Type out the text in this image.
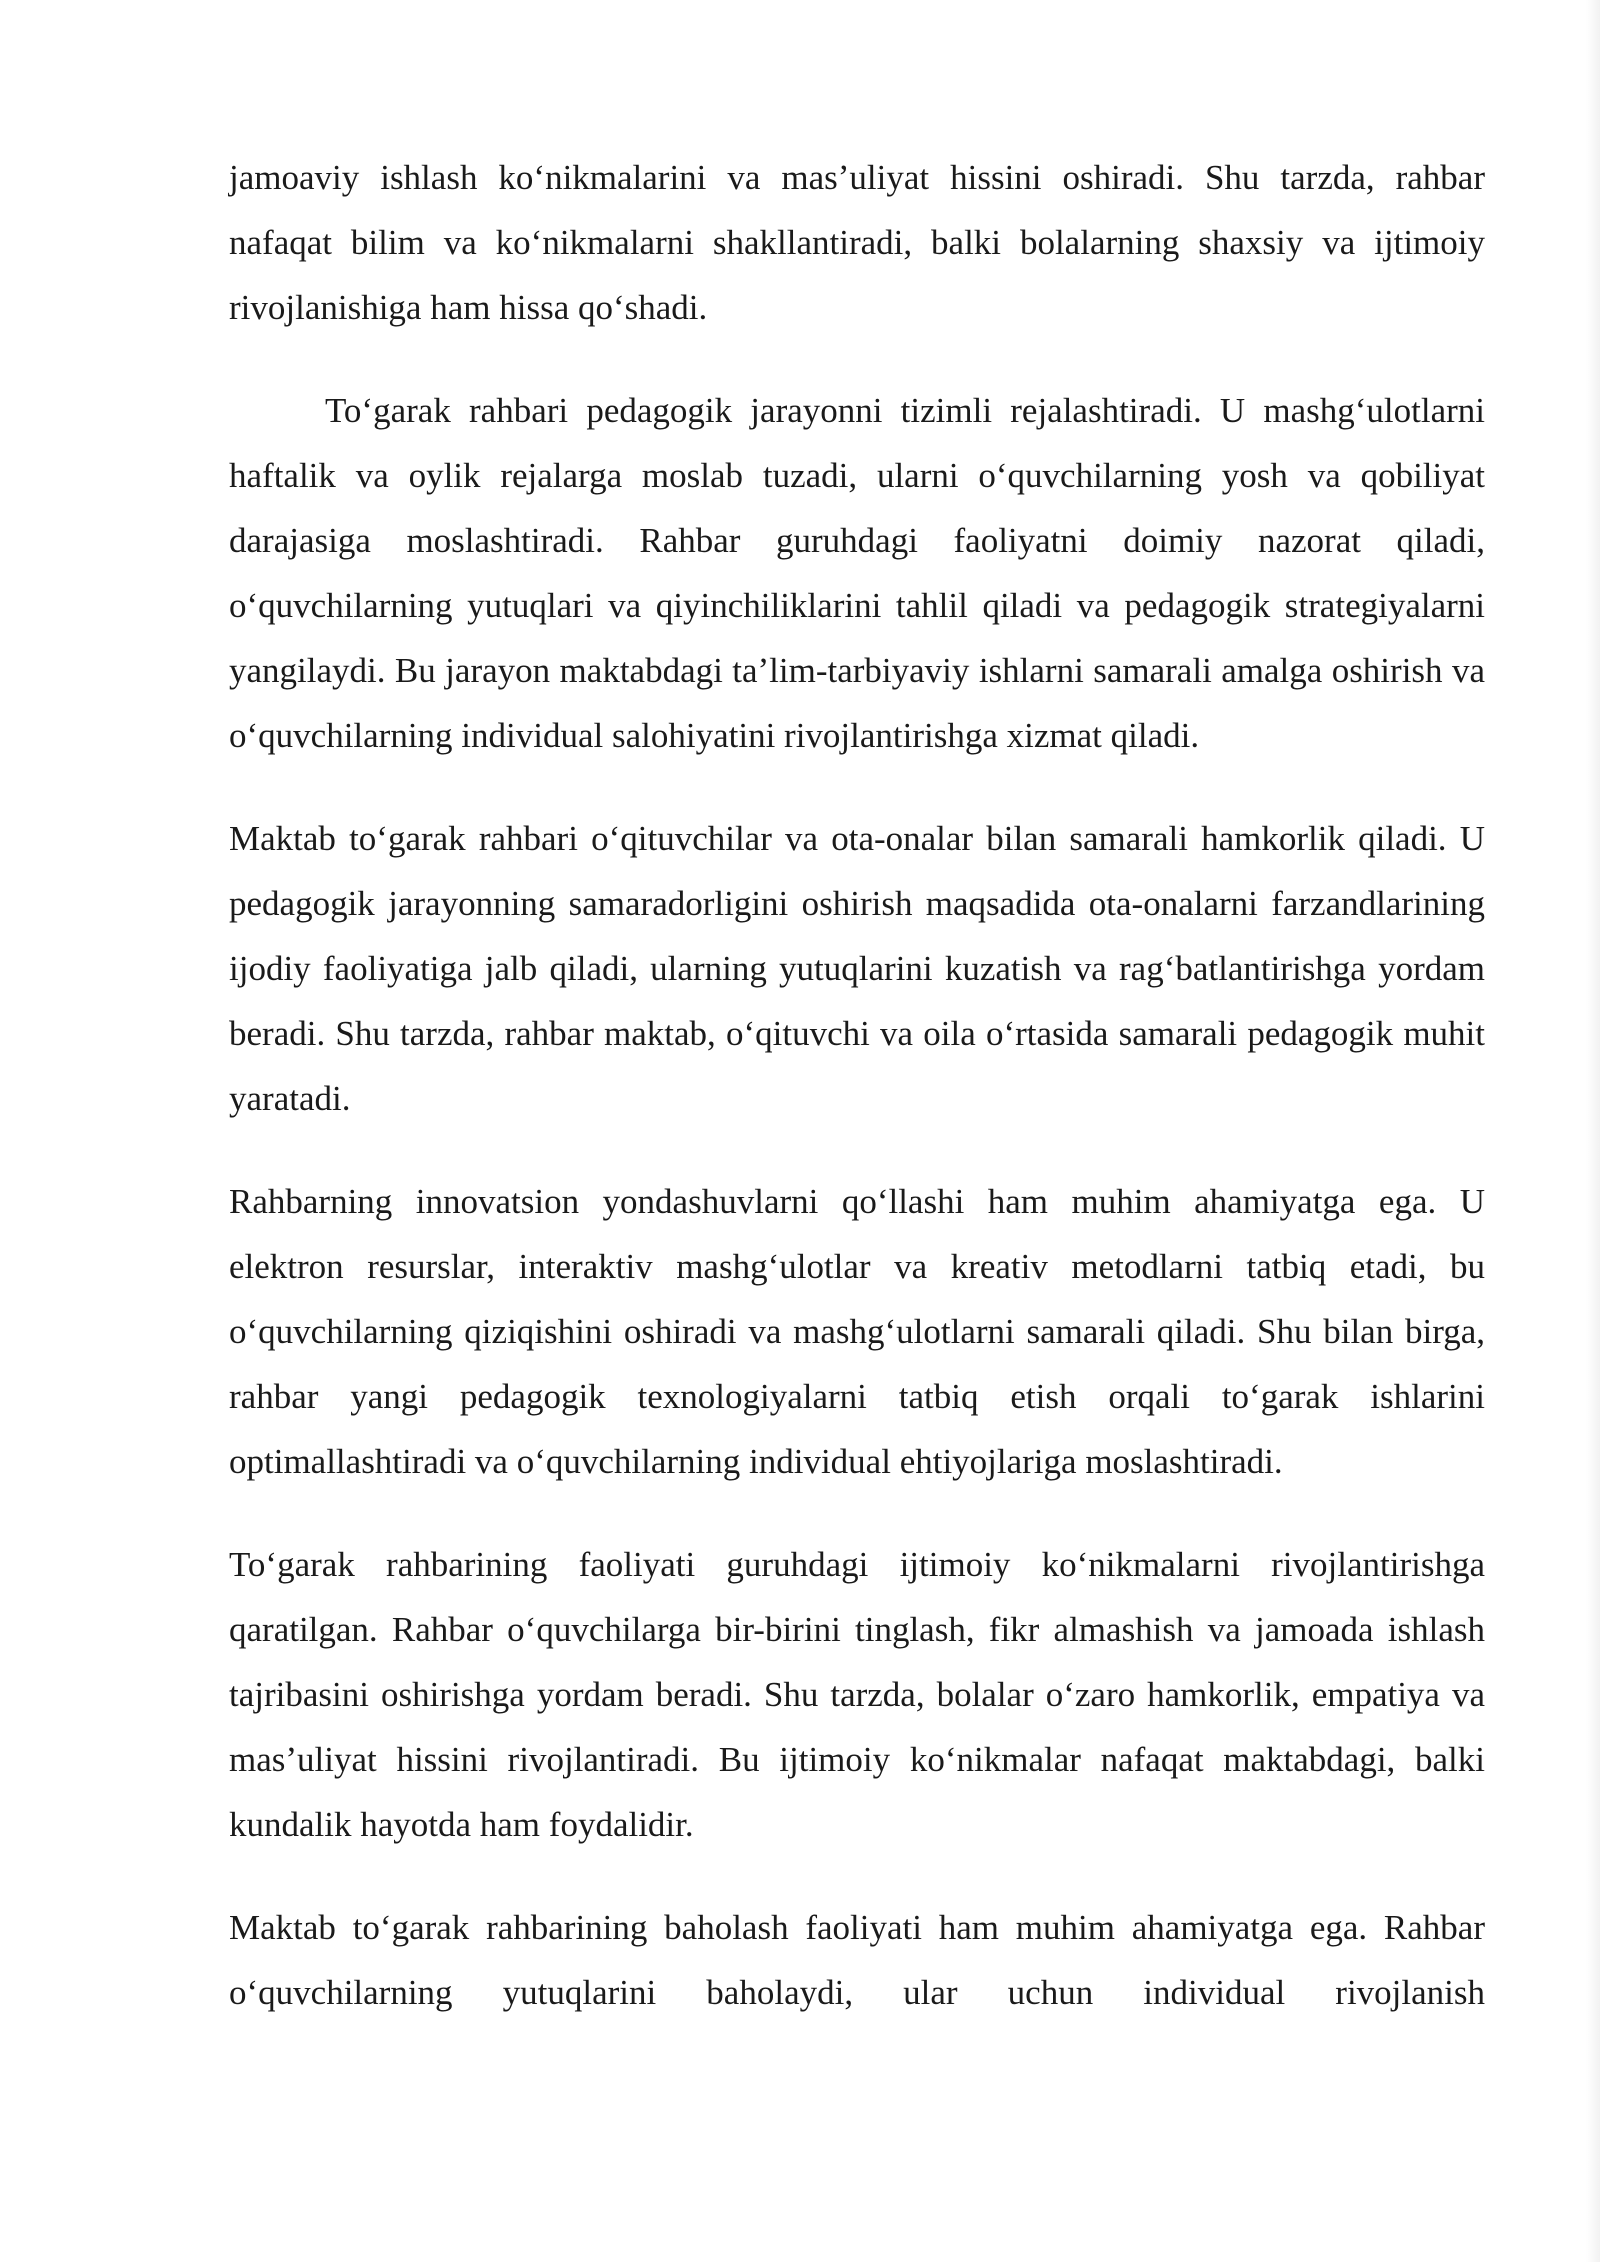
jamoaviy ishlash koʻnikmalarini va masʼuliyat hissini oshiradi. Shu tarzda, rahbar nafaqat bilim va koʻnikmalarni shakllantiradi, balki bolalarning shaxsiy va ijtimoiy rivojlanishiga ham hissa qoʻshadi.

Toʻgarak rahbari pedagogik jarayonni tizimli rejalashtiradi. U mashgʻulotlarni haftalik va oylik rejalarga moslab tuzadi, ularni oʻquvchilarning yosh va qobiliyat darajasiga moslashtiradi. Rahbar guruhdagi faoliyatni doimiy nazorat qiladi, oʻquvchilarning yutuqlari va qiyinchiliklarini tahlil qiladi va pedagogik strategiyalarni yangilaydi. Bu jarayon maktabdagi taʼlim-tarbiyaviy ishlarni samarali amalga oshirish va oʻquvchilarning individual salohiyatini rivojlantirishga xizmat qiladi.

Maktab toʻgarak rahbari oʻqituvchilar va ota-onalar bilan samarali hamkorlik qiladi. U pedagogik jarayonning samaradorligini oshirish maqsadida ota-onalarni farzandlarining ijodiy faoliyatiga jalb qiladi, ularning yutuqlarini kuzatish va ragʻbatlantirishga yordam beradi. Shu tarzda, rahbar maktab, oʻqituvchi va oila oʻrtasida samarali pedagogik muhit yaratadi.

Rahbarning innovatsion yondashuvlarni qoʻllashi ham muhim ahamiyatga ega. U elektron resurslar, interaktiv mashgʻulotlar va kreativ metodlarni tatbiq etadi, bu oʻquvchilarning qiziqishini oshiradi va mashgʻulotlarni samarali qiladi. Shu bilan birga, rahbar yangi pedagogik texnologiyalarni tatbiq etish orqali toʻgarak ishlarini optimallashtiradi va oʻquvchilarning individual ehtiyojlariga moslashtiradi.

Toʻgarak rahbarining faoliyati guruhdagi ijtimoiy koʻnikmalarni rivojlantirishga qaratilgan. Rahbar oʻquvchilarga bir-birini tinglash, fikr almashish va jamoada ishlash tajribasini oshirishga yordam beradi. Shu tarzda, bolalar oʻzaro hamkorlik, empatiya va masʼuliyat hissini rivojlantiradi. Bu ijtimoiy koʻnikmalar nafaqat maktabdagi, balki kundalik hayotda ham foydalidir.

Maktab toʻgarak rahbarining baholash faoliyati ham muhim ahamiyatga ega. Rahbar oʻquvchilarning yutuqlarini baholaydi, ular uchun individual rivojlanish
